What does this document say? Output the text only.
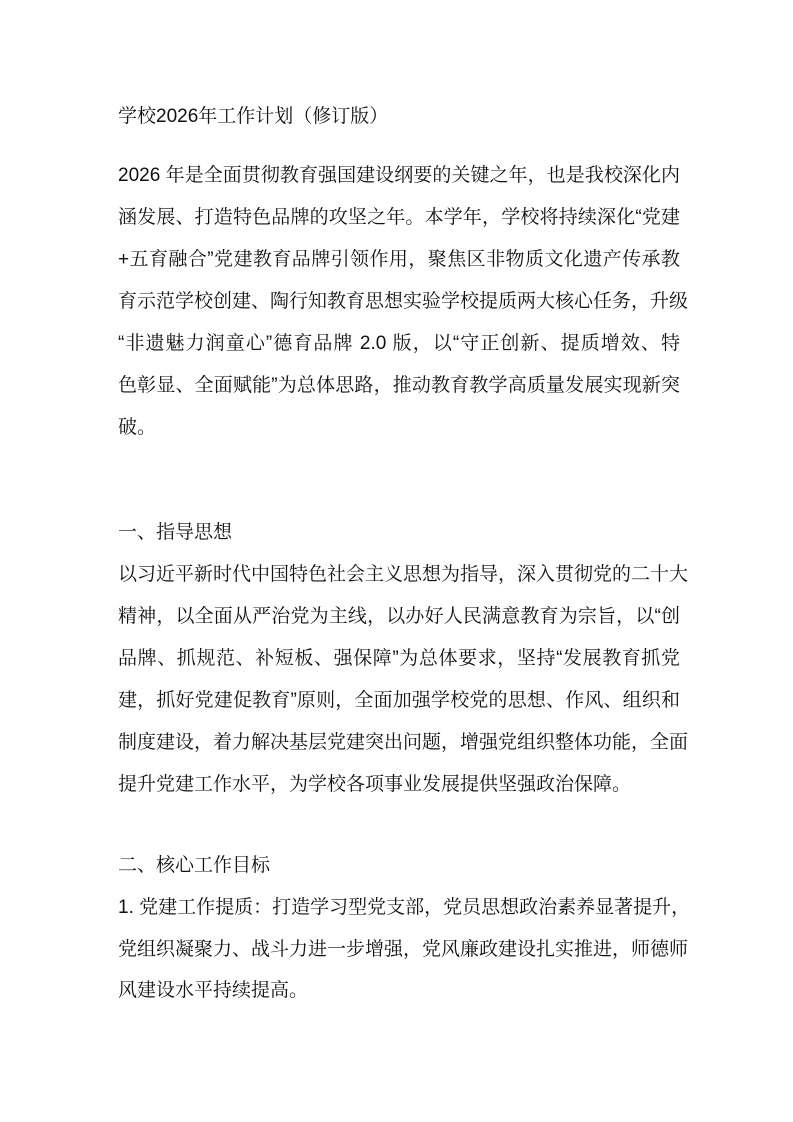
学校2026年工作计划（修订版）
2026 年是全面贯彻教育强国建设纲要的关键之年，也是我校深化内
涵发展、打造特色品牌的攻坚之年。本学年，学校将持续深化“党建
+五育融合”党建教育品牌引领作用，聚焦区非物质文化遗产传承教
育示范学校创建、陶行知教育思想实验学校提质两大核心任务，升级
“非遗魅力润童心”德育品牌 2.0 版，以“守正创新、提质增效、特
色彰显、全面赋能”为总体思路，推动教育教学高质量发展实现新突
破。
一、指导思想
以习近平新时代中国特色社会主义思想为指导，深入贯彻党的二十大
精神，以全面从严治党为主线，以办好人民满意教育为宗旨，以“创
品牌、抓规范、补短板、强保障”为总体要求，坚持“发展教育抓党
建，抓好党建促教育”原则，全面加强学校党的思想、作风、组织和
制度建设，着力解决基层党建突出问题，增强党组织整体功能，全面
提升党建工作水平，为学校各项事业发展提供坚强政治保障。
二、核心工作目标
1. 党建工作提质：打造学习型党支部，党员思想政治素养显著提升，
党组织凝聚力、战斗力进一步增强，党风廉政建设扎实推进，师德师
风建设水平持续提高。
